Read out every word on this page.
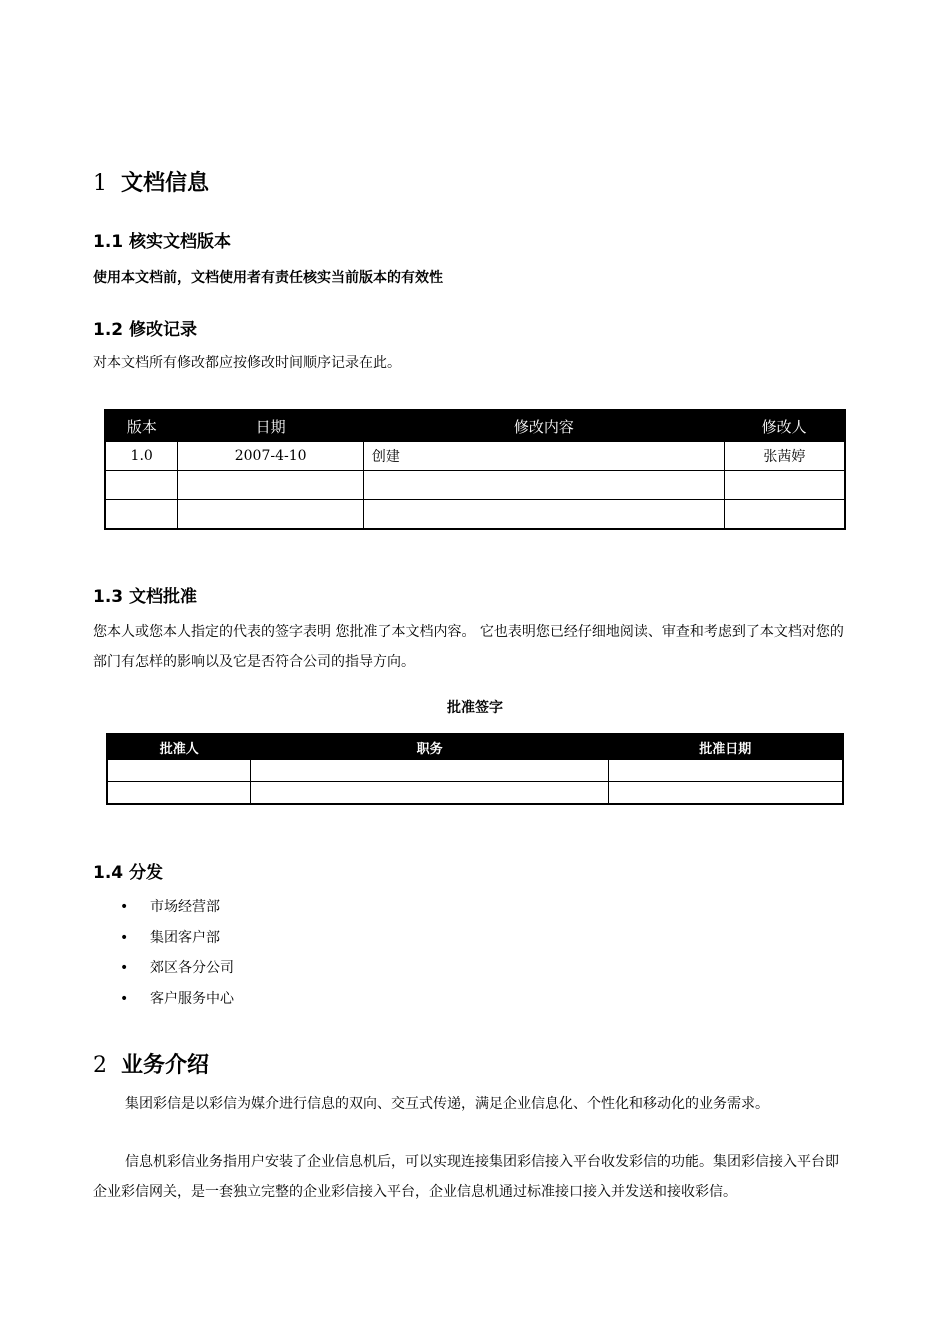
1 文档信息
1.1 核实文档版本
使用本文档前，文档使用者有责任核实当前版本的有效性
1.2 修改记录
对本文档所有修改都应按修改时间顺序记录在此。
版本	日期	修改内容	修改人
1.0	2007-4-10	创建	张茜婷

1.3 文档批准
您本人或您本人指定的代表的签字表明 您批准了本文档内容。 它也表明您已经仔细地阅读、审查和考虑到了本文档对您的部门有怎样的影响以及它是否符合公司的指导方向。
批准签字
批准人	职务	批准日期

1.4 分发
• 市场经营部
• 集团客户部
• 郊区各分公司
• 客户服务中心
2 业务介绍
集团彩信是以彩信为媒介进行信息的双向、交互式传递，满足企业信息化、个性化和移动化的业务需求。
信息机彩信业务指用户安装了企业信息机后，可以实现连接集团彩信接入平台收发彩信的功能。集团彩信接入平台即企业彩信网关，是一套独立完整的企业彩信接入平台，企业信息机通过标准接口接入并发送和接收彩信。
